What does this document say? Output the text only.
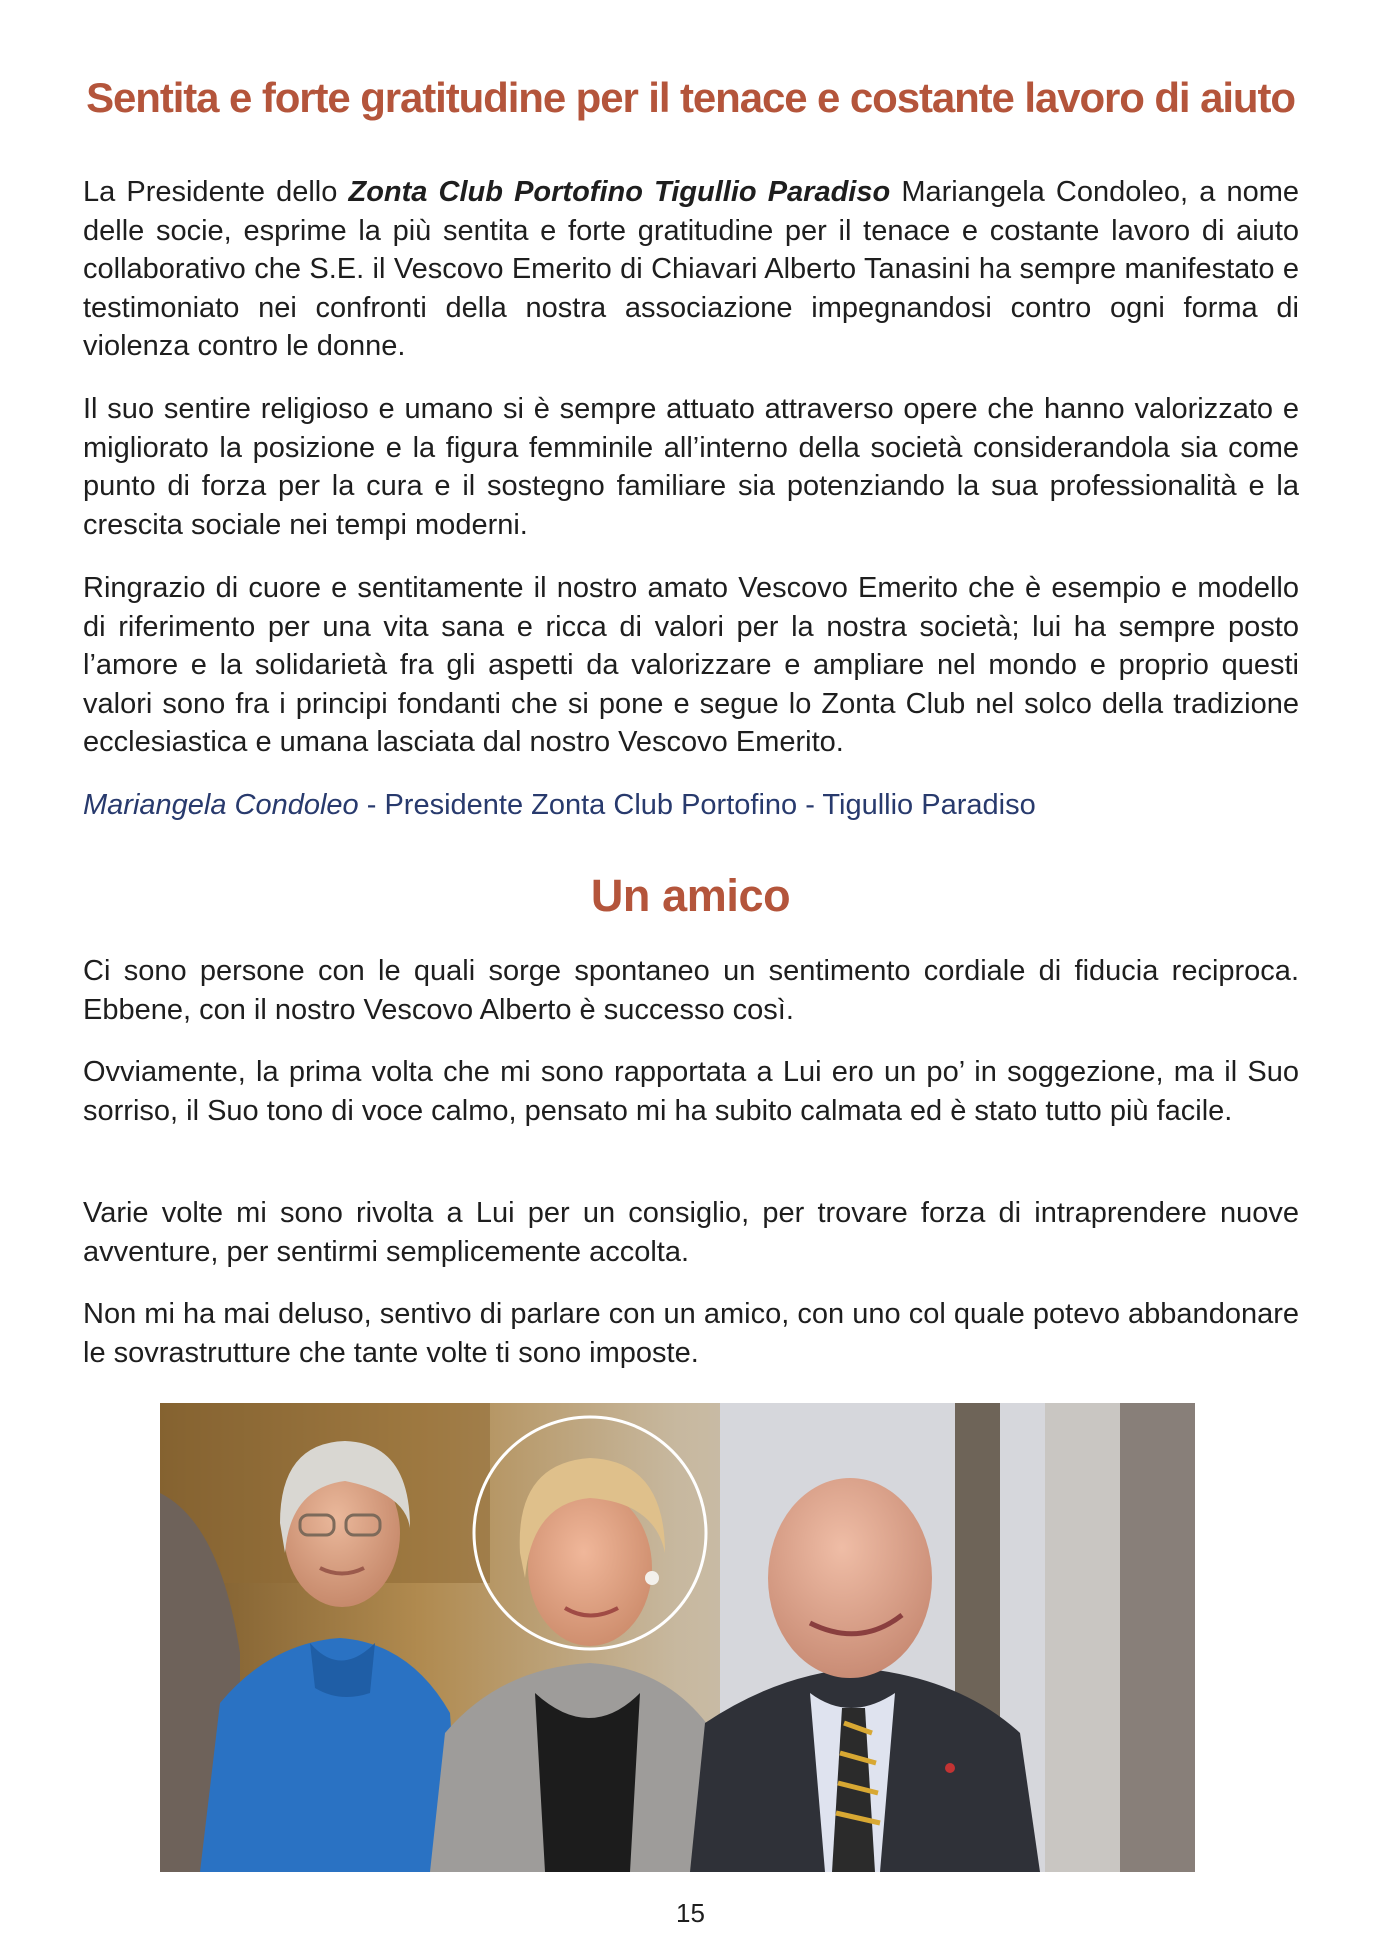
Sentita e forte gratitudine per il tenace e costante lavoro di aiuto

La Presidente dello Zonta Club Portofino Tigullio Paradiso Mariangela Condoleo, a nome delle socie, esprime la più sentita e forte gratitudine per il tenace e costante lavoro di aiuto collaborativo che S.E. il Vescovo Emerito di Chiavari Alberto Tanasini ha sempre manifestato e testimoniato nei confronti della nostra associazione impegnandosi contro ogni forma di violenza contro le donne.

Il suo sentire religioso e umano si è sempre attuato attraverso opere che hanno valorizzato e migliorato la posizione e la figura femminile all’interno della società considerandola sia come punto di forza per la cura e il sostegno familiare sia potenziando la sua professionalità e la crescita sociale nei tempi moderni.

Ringrazio di cuore e sentitamente il nostro amato Vescovo Emerito che è esempio e modello di riferimento per una vita sana e ricca di valori per la nostra società; lui ha sempre posto l’amore e la solidarietà fra gli aspetti da valorizzare e ampliare nel mondo e proprio questi valori sono fra i principi fondanti che si pone e segue lo Zonta Club nel solco della tradizione ecclesiastica e umana lasciata dal nostro Vescovo Emerito.

Mariangela Condoleo - Presidente Zonta Club Portofino - Tigullio Paradiso

Un amico

Ci sono persone con le quali sorge spontaneo un sentimento cordiale di fiducia reciproca. Ebbene, con il nostro Vescovo Alberto è successo così.

Ovviamente, la prima volta che mi sono rapportata a Lui ero un po’ in soggezione, ma il Suo sorriso, il Suo tono di voce calmo, pensato mi ha subito calmata ed è stato tutto più facile.

Varie volte mi sono rivolta a Lui per un consiglio, per trovare forza di intraprendere nuove avventure, per sentirmi semplicemente accolta.

Non mi ha mai deluso, sentivo di parlare con un amico, con uno col quale potevo abbandonare le sovrastrutture che tante volte ti sono imposte.

15
